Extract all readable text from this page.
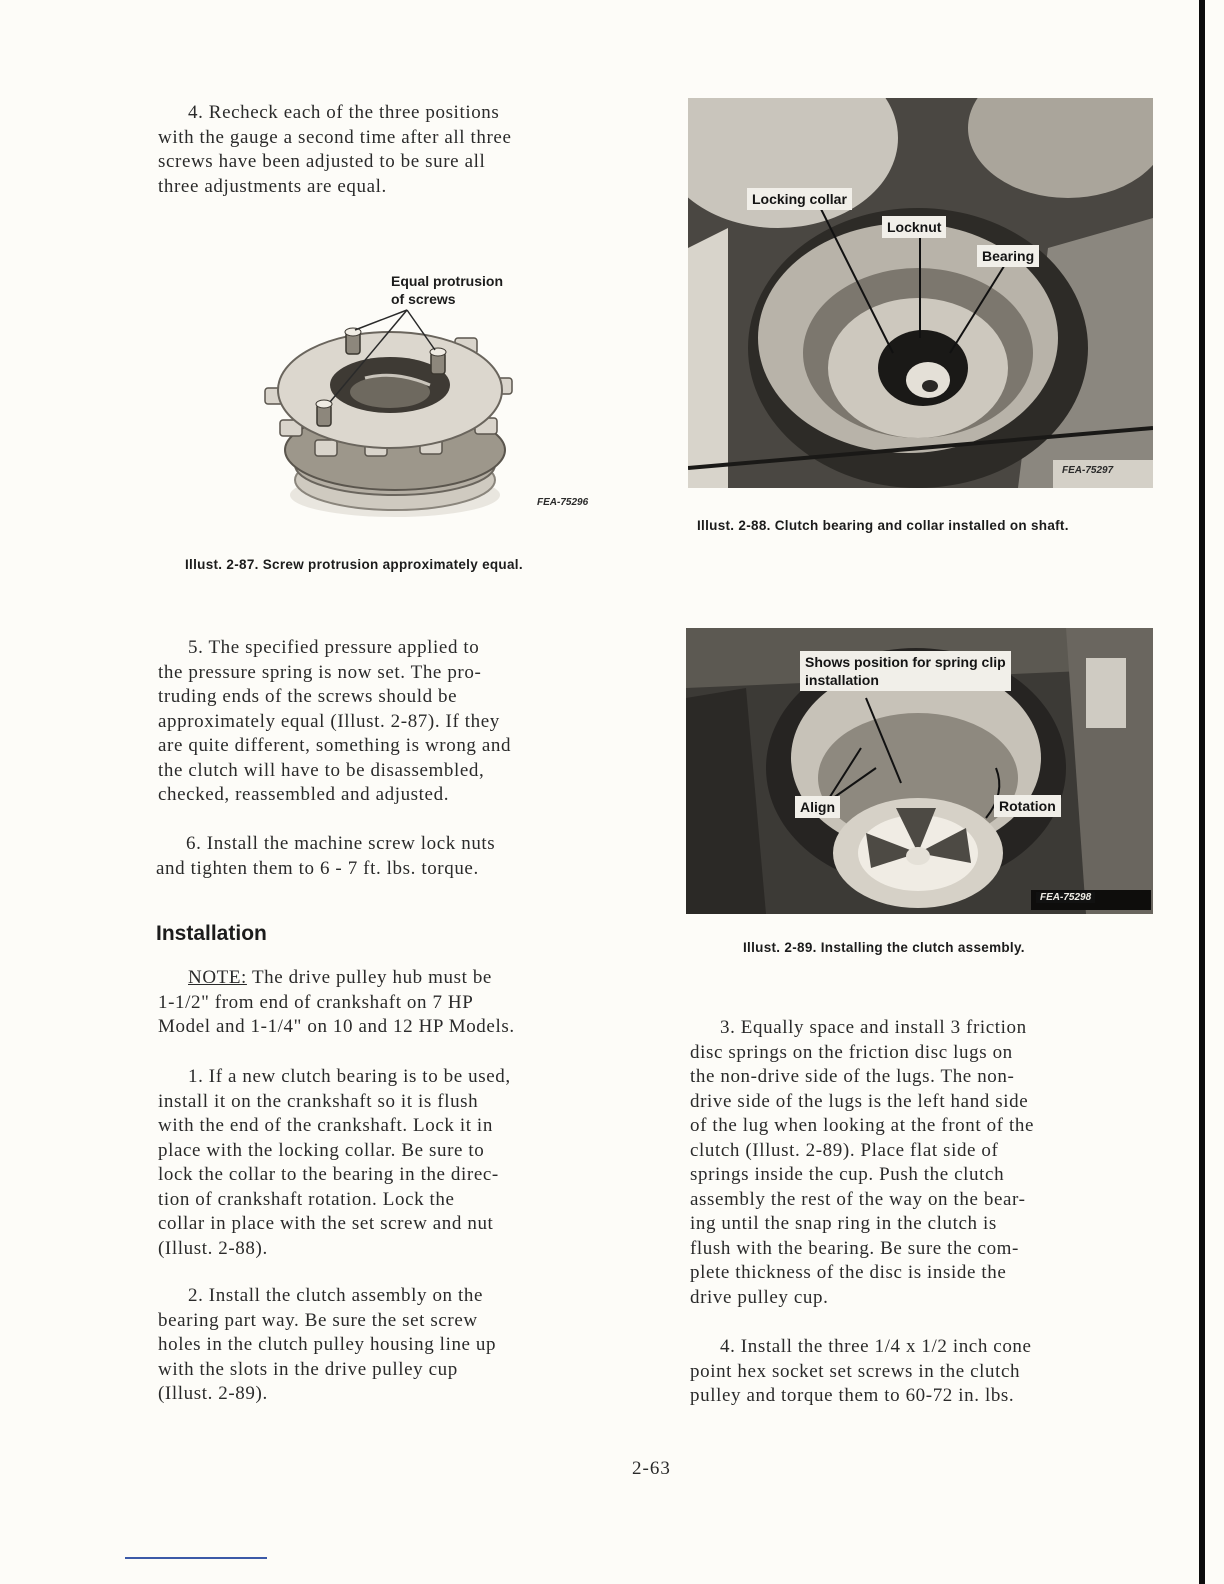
4. Recheck each of the three positions
with the gauge a second time after all three
screws have been adjusted to be sure all
three adjustments are equal.
Equal protrusion
of screws
FEA-75296

Illust. 2-87. Screw protrusion approximately equal.

5. The specified pressure applied to
the pressure spring is now set. The pro-
truding ends of the screws should be
approximately equal (Illust. 2-87). If they
are quite different, something is wrong and
the clutch will have to be disassembled,
checked, reassembled and adjusted.
6. Install the machine screw lock nuts
and tighten them to 6 - 7 ft. lbs. torque.
Installation
NOTE: The drive pulley hub must be
1-1/2" from end of crankshaft on 7 HP
Model and 1-1/4" on 10 and 12 HP Models.
1. If a new clutch bearing is to be used,
install it on the crankshaft so it is flush
with the end of the crankshaft. Lock it in
place with the locking collar. Be sure to
lock the collar to the bearing in the direc-
tion of crankshaft rotation. Lock the
collar in place with the set screw and nut
(Illust. 2-88).
2. Install the clutch assembly on the
bearing part way. Be sure the set screw
holes in the clutch pulley housing line up
with the slots in the drive pulley cup
(Illust. 2-89).
Locking collar
Locknut
Bearing
FEA-75297

Illust. 2-88. Clutch bearing and collar installed on shaft.

Shows position for spring clip
installation
Align	Rotation
FEA-75298

Illust. 2-89. Installing the clutch assembly.

3. Equally space and install 3 friction
disc springs on the friction disc lugs on
the non-drive side of the lugs. The non-
drive side of the lugs is the left hand side
of the lug when looking at the front of the
clutch (Illust. 2-89). Place flat side of
springs inside the cup. Push the clutch
assembly the rest of the way on the bear-
ing until the snap ring in the clutch is
flush with the bearing. Be sure the com-
plete thickness of the disc is inside the
drive pulley cup.
4. Install the three 1/4 x 1/2 inch cone
point hex socket set screws in the clutch
pulley and torque them to 60-72 in. lbs.

2-63
